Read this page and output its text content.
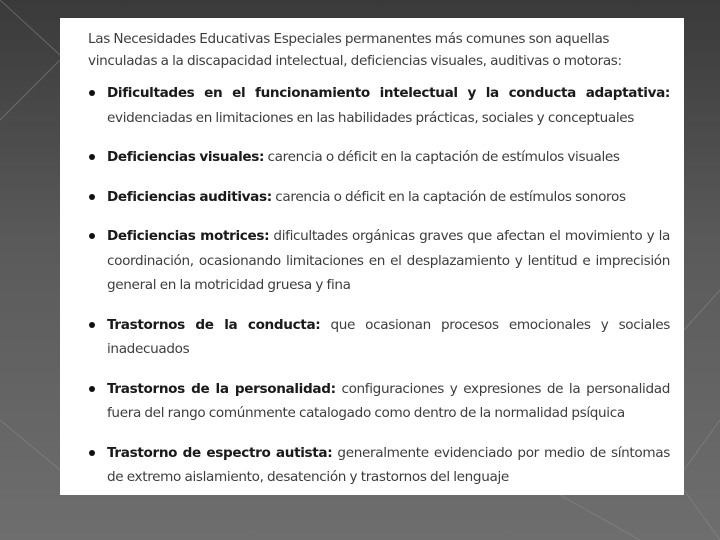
Las Necesidades Educativas Especiales permanentes más comunes son aquellas vinculadas a la discapacidad intelectual, deficiencias visuales, auditivas o motoras:

Dificultades en el funcionamiento intelectual y la conducta adaptativa: evidenciadas en limitaciones en las habilidades prácticas, sociales y conceptuales
Deficiencias visuales: carencia o déficit en la captación de estímulos visuales
Deficiencias auditivas: carencia o déficit en la captación de estímulos sonoros
Deficiencias motrices: dificultades orgánicas graves que afectan el movimiento y la coordinación, ocasionando limitaciones en el desplazamiento y lentitud e imprecisión general en la motricidad gruesa y fina
Trastornos de la conducta: que ocasionan procesos emocionales y sociales inadecuados
Trastornos de la personalidad: configuraciones y expresiones de la personalidad fuera del rango comúnmente catalogado como dentro de la normalidad psíquica
Trastorno de espectro autista: generalmente evidenciado por medio de síntomas de extremo aislamiento, desatención y trastornos del lenguaje
